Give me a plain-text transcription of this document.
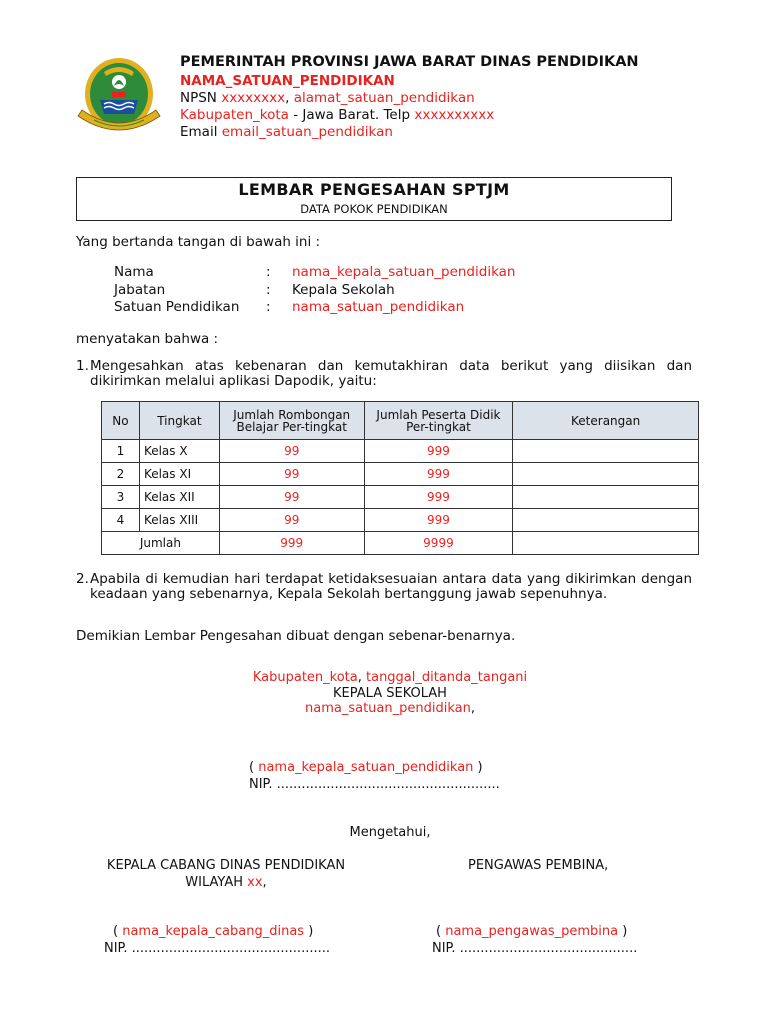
PEMERINTAH PROVINSI JAWA BARAT DINAS PENDIDIKAN
NAMA_SATUAN_PENDIDIKAN
NPSN xxxxxxxx, alamat_satuan_pendidikan
Kabupaten_kota - Jawa Barat. Telp xxxxxxxxxx
Email email_satuan_pendidikan
LEMBAR PENGESAHAN SPTJM
DATA POKOK PENDIDIKAN
Yang bertanda tangan di bawah ini :
Nama	: nama_kepala_satuan_pendidikan
Jabatan	: Kepala Sekolah
Satuan Pendidikan	: nama_satuan_pendidikan
menyatakan bahwa :
1. Mengesahkan atas kebenaran dan kemutakhiran data berikut yang diisikan dan dikirimkan melalui aplikasi Dapodik, yaitu:
No	Tingkat	Jumlah Rombongan Belajar Per-tingkat	Jumlah Peserta Didik Per-tingkat	Keterangan
1	Kelas X	99	999	
2	Kelas XI	99	999	
3	Kelas XII	99	999	
4	Kelas XIII	99	999	
Jumlah		999	9999	
2. Apabila di kemudian hari terdapat ketidaksesuaian antara data yang dikirimkan dengan keadaan yang sebenarnya, Kepala Sekolah bertanggung jawab sepenuhnya.
Demikian Lembar Pengesahan dibuat dengan sebenar-benarnya.
Kabupaten_kota, tanggal_ditanda_tangani
KEPALA SEKOLAH
nama_satuan_pendidikan,
( nama_kepala_satuan_pendidikan )
NIP. ......................................................
Mengetahui,
KEPALA CABANG DINAS PENDIDIKAN
WILAYAH xx,
( nama_kepala_cabang_dinas )
NIP. ................................................
PENGAWAS PEMBINA,
( nama_pengawas_pembina )
NIP. ...........................................
